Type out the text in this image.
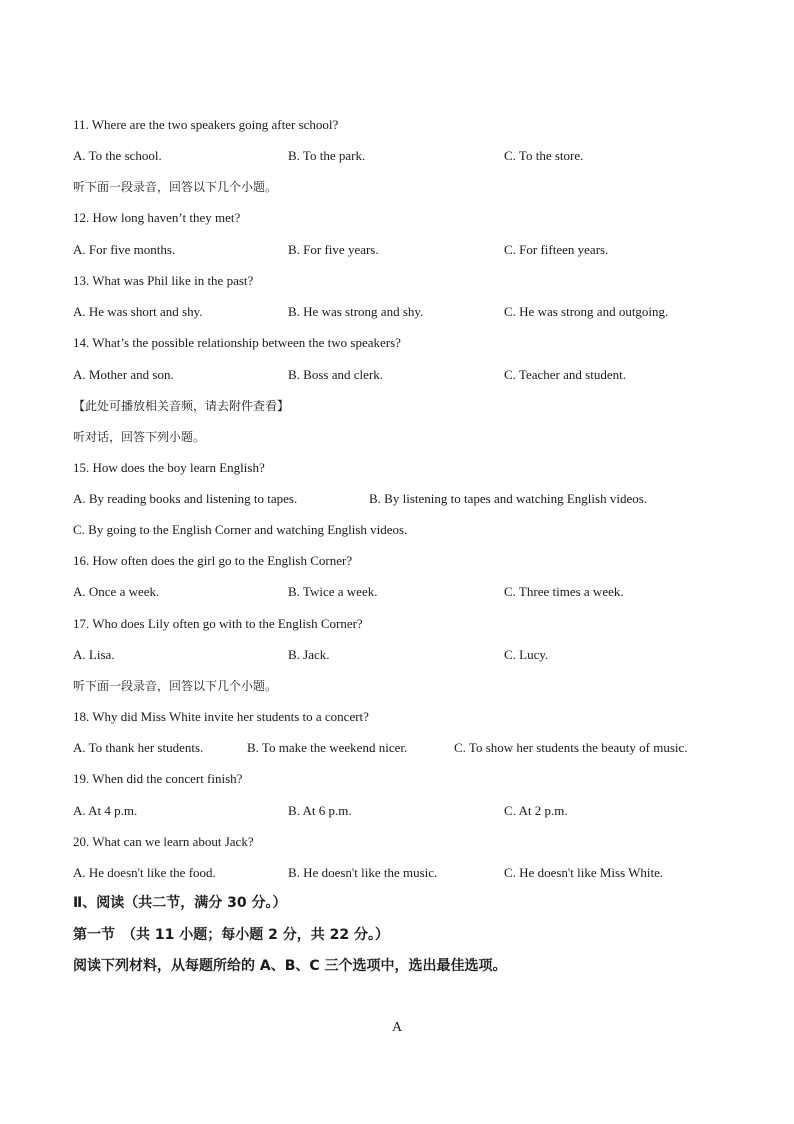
11. Where are the two speakers going after school?
A. To the school.	B. To the park.	C. To the store.
听下面一段录音，回答以下几个小题。
12. How long haven’t they met?
A. For five months.	B. For five years.	C. For fifteen years.
13. What was Phil like in the past?
A. He was short and shy.	B. He was strong and shy.	C. He was strong and outgoing.
14. What’s the possible relationship between the two speakers?
A. Mother and son.	B. Boss and clerk.	C. Teacher and student.
【此处可播放相关音频，请去附件查看】
听对话，回答下列小题。
15. How does the boy learn English?
A. By reading books and listening to tapes.	B. By listening to tapes and watching English videos.
C. By going to the English Corner and watching English videos.
16. How often does the girl go to the English Corner?
A. Once a week.	B. Twice a week.	C. Three times a week.
17. Who does Lily often go with to the English Corner?
A. Lisa.	B. Jack.	C. Lucy.
听下面一段录音，回答以下几个小题。
18. Why did Miss White invite her students to a concert?
A. To thank her students.	B. To make the weekend nicer.	C. To show her students the beauty of music.
19. When did the concert finish?
A. At 4 p.m.	B. At 6 p.m.	C. At 2 p.m.
20. What can we learn about Jack?
A. He doesn't like the food.	B. He doesn't like the music.	C. He doesn't like Miss White.
Ⅱ、阅读（共二节，满分 30 分。）
第一节　（共 11 小题；每小题 2 分，共 22 分。）
阅读下列材料，从每题所给的 A、B、C 三个选项中，选出最佳选项。
A
